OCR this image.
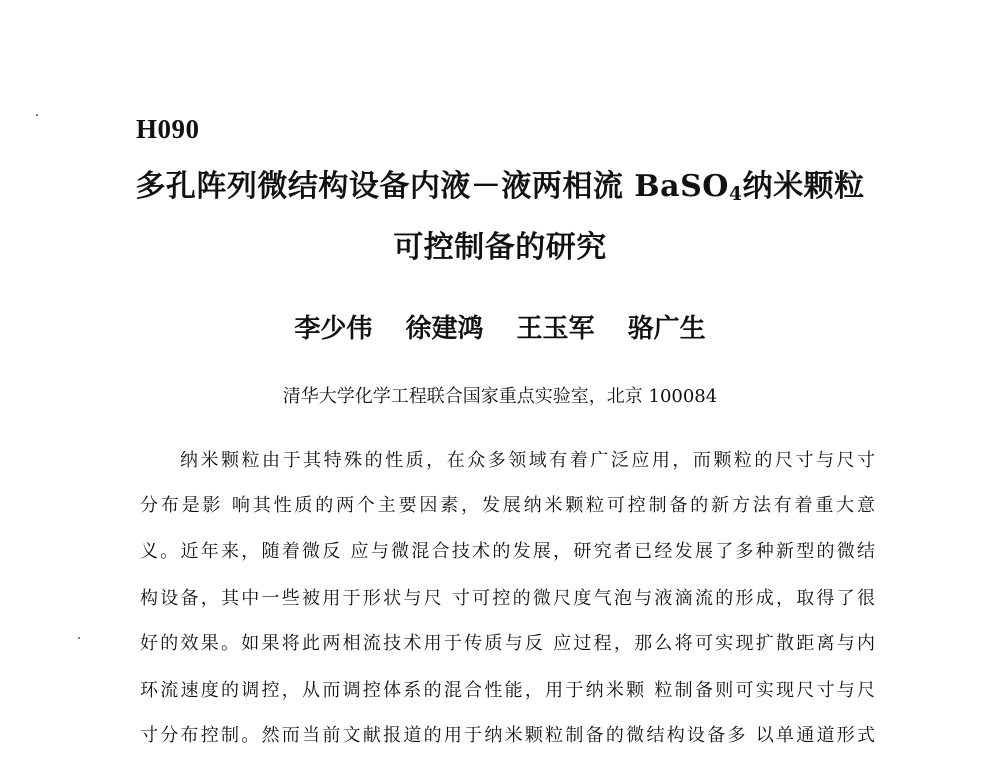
H090
多孔阵列微结构设备内液－液两相流 BaSO$_4$纳米颗粒
可控制备的研究
李少伟 徐建鸿 王玉军 骆广生
清华大学化学工程联合国家重点实验室，北京 100084
纳米颗粒由于其特殊的性质，在众多领域有着广泛应用，而颗粒的尺寸与尺寸
分布是影 响其性质的两个主要因素，发展纳米颗粒可控制备的新方法有着重大意
义。近年来，随着微反 应与微混合技术的发展，研究者已经发展了多种新型的微结
构设备，其中一些被用于形状与尺 寸可控的微尺度气泡与液滴流的形成，取得了很
好的效果。如果将此两相流技术用于传质与反 应过程，那么将可实现扩散距离与内
环流速度的调控，从而调控体系的混合性能，用于纳米颗 粒制备则可实现尺寸与尺
寸分布控制。然而当前文献报道的用于纳米颗粒制备的微结构设备多 以单通道形式
